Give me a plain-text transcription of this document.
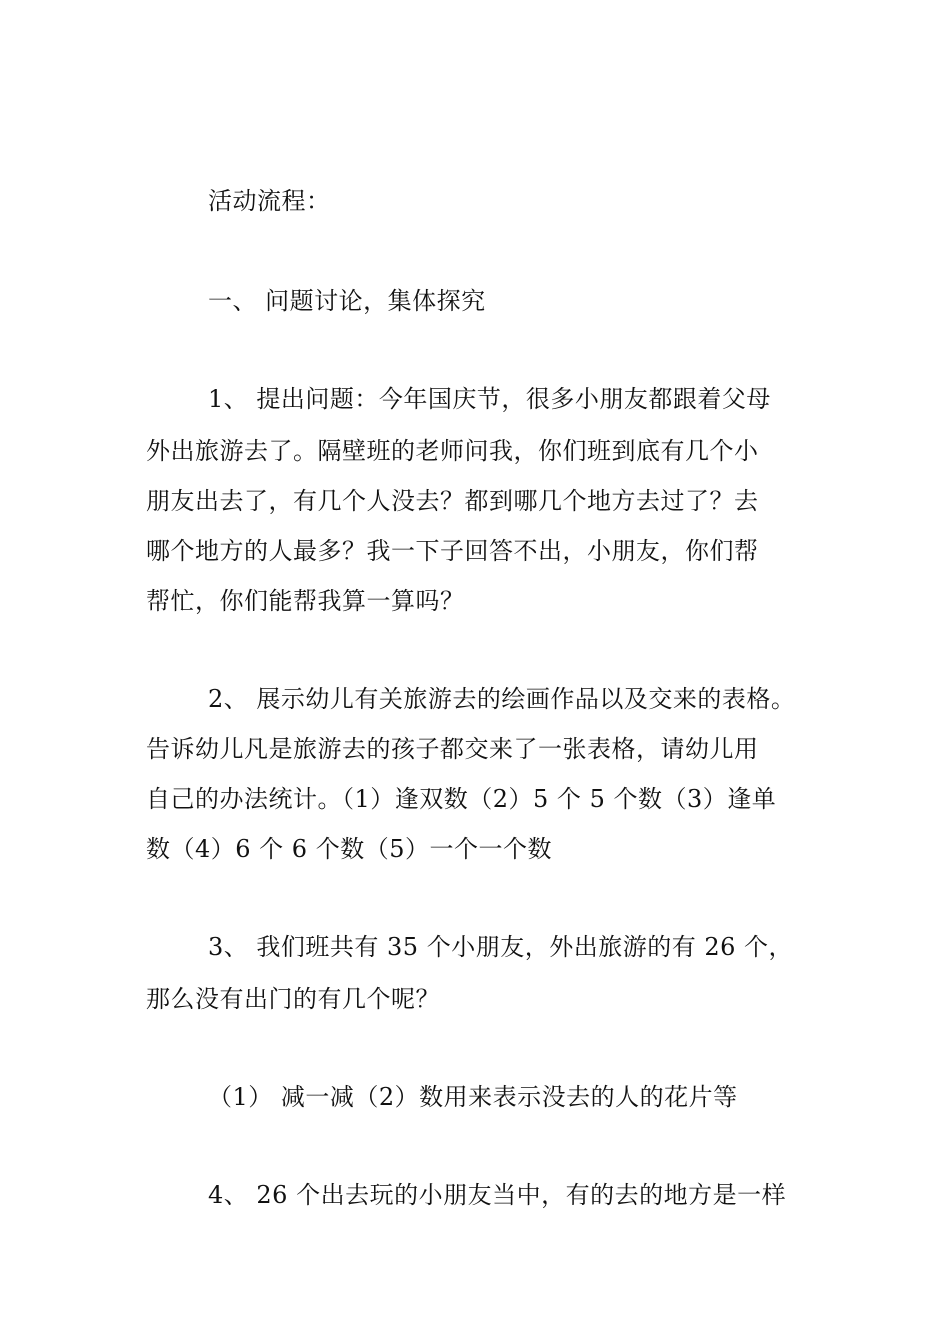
活动流程：
一、 问题讨论，集体探究
1、 提出问题：今年国庆节，很多小朋友都跟着父母
外出旅游去了。隔壁班的老师问我，你们班到底有几个小
朋友出去了，有几个人没去？都到哪几个地方去过了？去
哪个地方的人最多？我一下子回答不出，小朋友，你们帮
帮忙，你们能帮我算一算吗？
2、 展示幼儿有关旅游去的绘画作品以及交来的表格。
告诉幼儿凡是旅游去的孩子都交来了一张表格，请幼儿用
自己的办法统计。（1）逢双数（2）5 个 5 个数（3）逢单
数（4）6 个 6 个数（5）一个一个数
3、 我们班共有 35 个小朋友，外出旅游的有 26 个，
那么没有出门的有几个呢？
（1） 减一减（2）数用来表示没去的人的花片等
4、 26 个出去玩的小朋友当中，有的去的地方是一样
